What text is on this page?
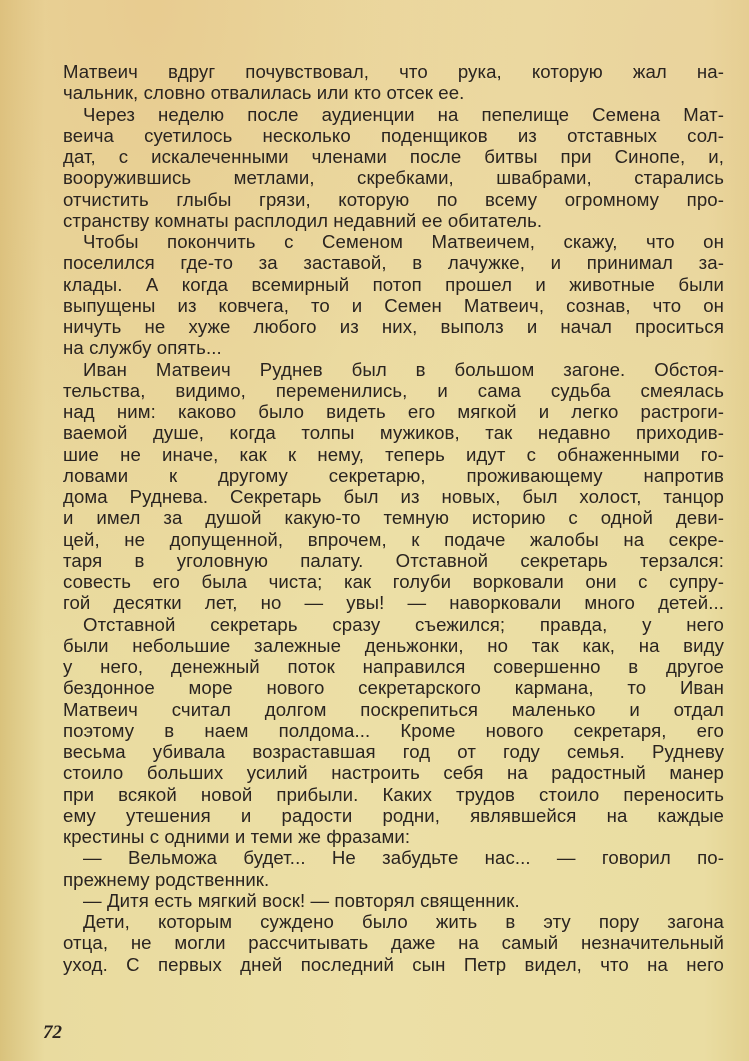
Матвеич вдруг почувствовал, что рука, которую жал на-
чальник, словно отвалилась или кто отсек ее.
Через неделю после аудиенции на пепелище Семена Мат-
веича суетилось несколько поденщиков из отставных сол-
дат, с искалеченными членами после битвы при Синопе, и,
вооружившись метлами, скребками, швабрами, старались
отчистить глыбы грязи, которую по всему огромному про-
странству комнаты расплодил недавний ее обитатель.
Чтобы покончить с Семеном Матвеичем, скажу, что он
поселился где-то за заставой, в лачужке, и принимал за-
клады. А когда всемирный потоп прошел и животные были
выпущены из ковчега, то и Семен Матвеич, сознав, что он
ничуть не хуже любого из них, выполз и начал проситься
на службу опять...
Иван Матвеич Руднев был в большом загоне. Обстоя-
тельства, видимо, переменились, и сама судьба смеялась
над ним: каково было видеть его мягкой и легко растроги-
ваемой душе, когда толпы мужиков, так недавно приходив-
шие не иначе, как к нему, теперь идут с обнаженными го-
ловами к другому секретарю, проживающему напротив
дома Руднева. Секретарь был из новых, был холост, танцор
и имел за душой какую-то темную историю с одной деви-
цей, не допущенной, впрочем, к подаче жалобы на секре-
таря в уголовную палату. Отставной секретарь терзался:
совесть его была чиста; как голуби ворковали они с супру-
гой десятки лет, но — увы! — наворковали много детей...
Отставной секретарь сразу съежился; правда, у него
были небольшие залежные деньжонки, но так как, на виду
у него, денежный поток направился совершенно в другое
бездонное море нового секретарского кармана, то Иван
Матвеич считал долгом поскрепиться маленько и отдал
поэтому в наем полдома... Кроме нового секретаря, его
весьма убивала возраставшая год от году семья. Рудневу
стоило больших усилий настроить себя на радостный манер
при всякой новой прибыли. Каких трудов стоило переносить
ему утешения и радости родни, являвшейся на каждые
крестины с одними и теми же фразами:
— Вельможа будет... Не забудьте нас... — говорил по-
прежнему родственник.
— Дитя есть мягкий воск! — повторял священник.
Дети, которым суждено было жить в эту пору загона
отца, не могли рассчитывать даже на самый незначительный
уход. С первых дней последний сын Петр видел, что на него
72
